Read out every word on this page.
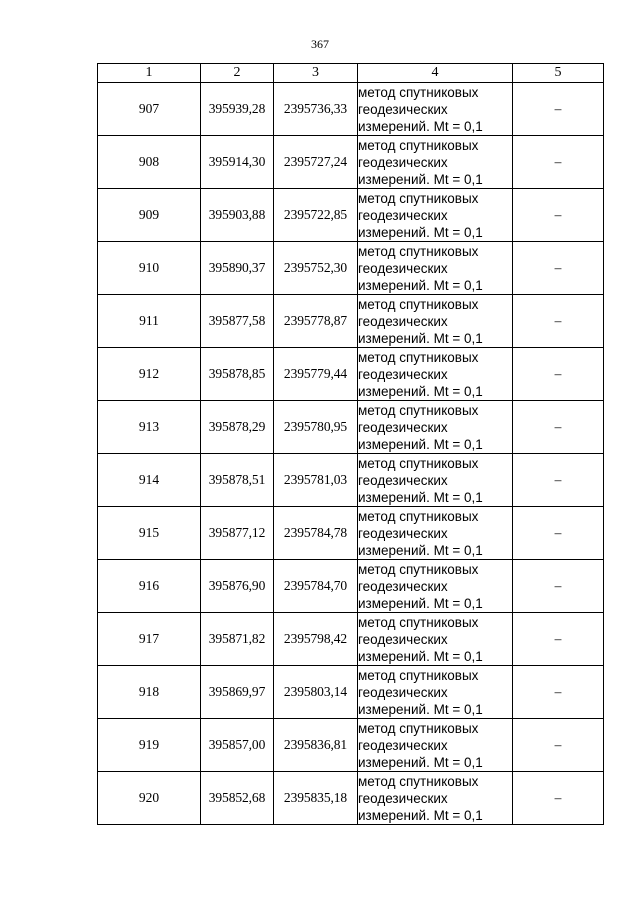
367
1	2	3	4	5
907	395939,28	2395736,33	метод спутниковых
геодезических
измерений. Mt = 0,1	–
908	395914,30	2395727,24	метод спутниковых
геодезических
измерений. Mt = 0,1	–
909	395903,88	2395722,85	метод спутниковых
геодезических
измерений. Mt = 0,1	–
910	395890,37	2395752,30	метод спутниковых
геодезических
измерений. Mt = 0,1	–
911	395877,58	2395778,87	метод спутниковых
геодезических
измерений. Mt = 0,1	–
912	395878,85	2395779,44	метод спутниковых
геодезических
измерений. Mt = 0,1	–
913	395878,29	2395780,95	метод спутниковых
геодезических
измерений. Mt = 0,1	–
914	395878,51	2395781,03	метод спутниковых
геодезических
измерений. Mt = 0,1	–
915	395877,12	2395784,78	метод спутниковых
геодезических
измерений. Mt = 0,1	–
916	395876,90	2395784,70	метод спутниковых
геодезических
измерений. Mt = 0,1	–
917	395871,82	2395798,42	метод спутниковых
геодезических
измерений. Mt = 0,1	–
918	395869,97	2395803,14	метод спутниковых
геодезических
измерений. Mt = 0,1	–
919	395857,00	2395836,81	метод спутниковых
геодезических
измерений. Mt = 0,1	–
920	395852,68	2395835,18	метод спутниковых
геодезических
измерений. Mt = 0,1	–
